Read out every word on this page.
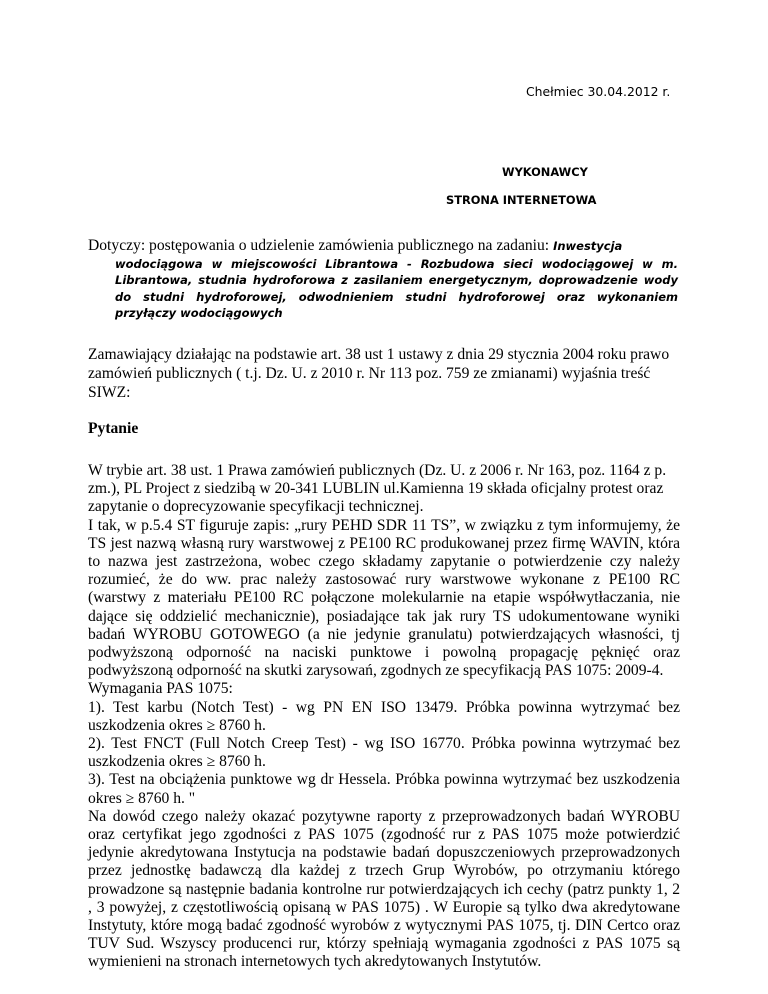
Chełmiec 30.04.2012 r.
WYKONAWCY
STRONA INTERNETOWA
Dotyczy: postępowania o udzielenie zamówienia publicznego na zadaniu: Inwestycja
wodociągowa w miejscowości Librantowa - Rozbudowa sieci wodociągowej w m. Librantowa, studnia hydroforowa z zasilaniem energetycznym, doprowadzenie wody do studni hydroforowej, odwodnieniem studni hydroforowej oraz wykonaniem przyłączy wodociągowych
Zamawiający działając na podstawie art. 38 ust 1 ustawy z dnia 29 stycznia 2004 roku prawo zamówień publicznych ( t.j. Dz. U. z 2010 r. Nr 113 poz. 759 ze zmianami) wyjaśnia treść SIWZ:
Pytanie

W trybie art. 38 ust. 1 Prawa zamówień publicznych (Dz. U. z 2006 r. Nr 163, poz. 1164 z p. zm.), PL Project z siedzibą w 20-341 LUBLIN ul.Kamienna 19 składa oficjalny protest oraz zapytanie o doprecyzowanie specyfikacji technicznej.

I tak, w p.5.4 ST figuruje zapis: „rury PEHD SDR 11 TS”, w związku z tym informujemy, że TS jest nazwą własną rury warstwowej z PE100 RC produkowanej przez firmę WAVIN, która to nazwa jest zastrzeżona, wobec czego składamy zapytanie o potwierdzenie czy należy rozumieć, że do ww. prac należy zastosować rury warstwowe wykonane z PE100 RC (warstwy z materiału PE100 RC połączone molekularnie na etapie współwytłaczania, nie dające się oddzielić mechanicznie), posiadające tak jak rury TS udokumentowane wyniki badań WYROBU GOTOWEGO (a nie jedynie granulatu) potwierdzających własności, tj podwyższoną odporność na naciski punktowe i powolną propagację pęknięć oraz podwyższoną odporność na skutki zarysowań, zgodnych ze specyfikacją PAS 1075: 2009-4.

Wymagania PAS 1075:

1). Test karbu (Notch Test) - wg PN EN ISO 13479. Próbka powinna wytrzymać bez uszkodzenia okres ≥ 8760 h.

2). Test FNCT (Full Notch Creep Test) - wg ISO 16770. Próbka powinna wytrzymać bez uszkodzenia okres ≥ 8760 h.

3). Test na obciążenia punktowe wg dr Hessela. Próbka powinna wytrzymać bez uszkodzenia okres ≥ 8760 h. "

Na dowód czego należy okazać pozytywne raporty z przeprowadzonych badań WYROBU oraz certyfikat jego zgodności z PAS 1075 (zgodność rur z PAS 1075 może potwierdzić jedynie akredytowana Instytucja na podstawie badań dopuszczeniowych przeprowadzonych przez jednostkę badawczą dla każdej z trzech Grup Wyrobów, po otrzymaniu którego prowadzone są następnie badania kontrolne rur potwierdzających ich cechy (patrz punkty 1, 2 , 3 powyżej, z częstotliwością opisaną w PAS 1075) . W Europie są tylko dwa akredytowane Instytuty, które mogą badać zgodność wyrobów z wytycznymi PAS 1075, tj. DIN Certco oraz TUV Sud. Wszyscy producenci rur, którzy spełniają wymagania zgodności z PAS 1075 są wymienieni na stronach internetowych tych akredytowanych Instytutów.
